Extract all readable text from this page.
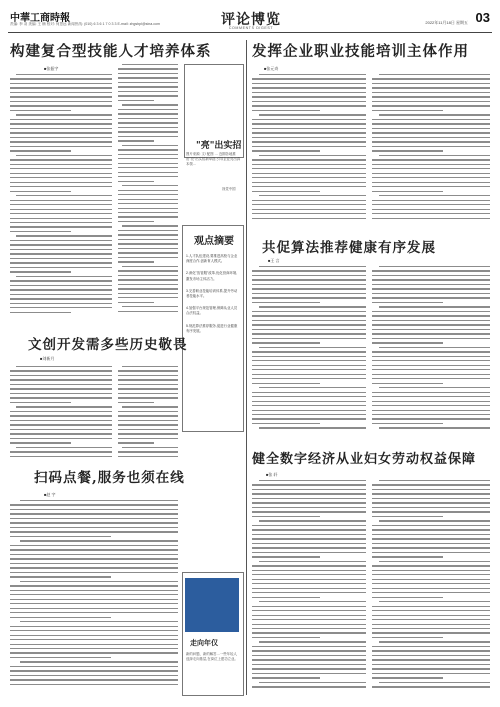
中華工商時報
责编: 李 羽 美编: 王 楠 校对: 何思远 新闻热线: (010) 6 3 6 1 7 0 3 3 E-mail: zhgsbpl@sina.com	评论博览
COMMENTS DIGEST
2022年11月18日 星期五 03
构建复合型技能人才培养体系
■张振宇
"亮"出实招
图片来源: 文/ 配图 … 近期各地推出"亮"出实招新举措,引导企业亮出真本领…
视觉中国
观点摘要
1.人才队伍建设,要推进高校与企业深度合作,创新育人模式。
2.深化"放管服"改革,优化营商环境,激发市场主体活力。
3.完善职业技能培训体系,提升劳动者技能水平。
4.加强平台规范管理,保障从业人员合法权益。
5.规范算法推荐服务,促进行业健康有序发展。
文创开发需多些历史敬畏
■刘新月
扫码点餐,服务也须在线
■赵 宇
走向年仅
新的问题、新的解答…一些年轻人选择走向基层,在岗位上建功立业。
发挥企业职业技能培训主体作用
■张元奇
共促算法推荐健康有序发展
■王 言
健全数字经济从业妇女劳动权益保障
■张 轩
